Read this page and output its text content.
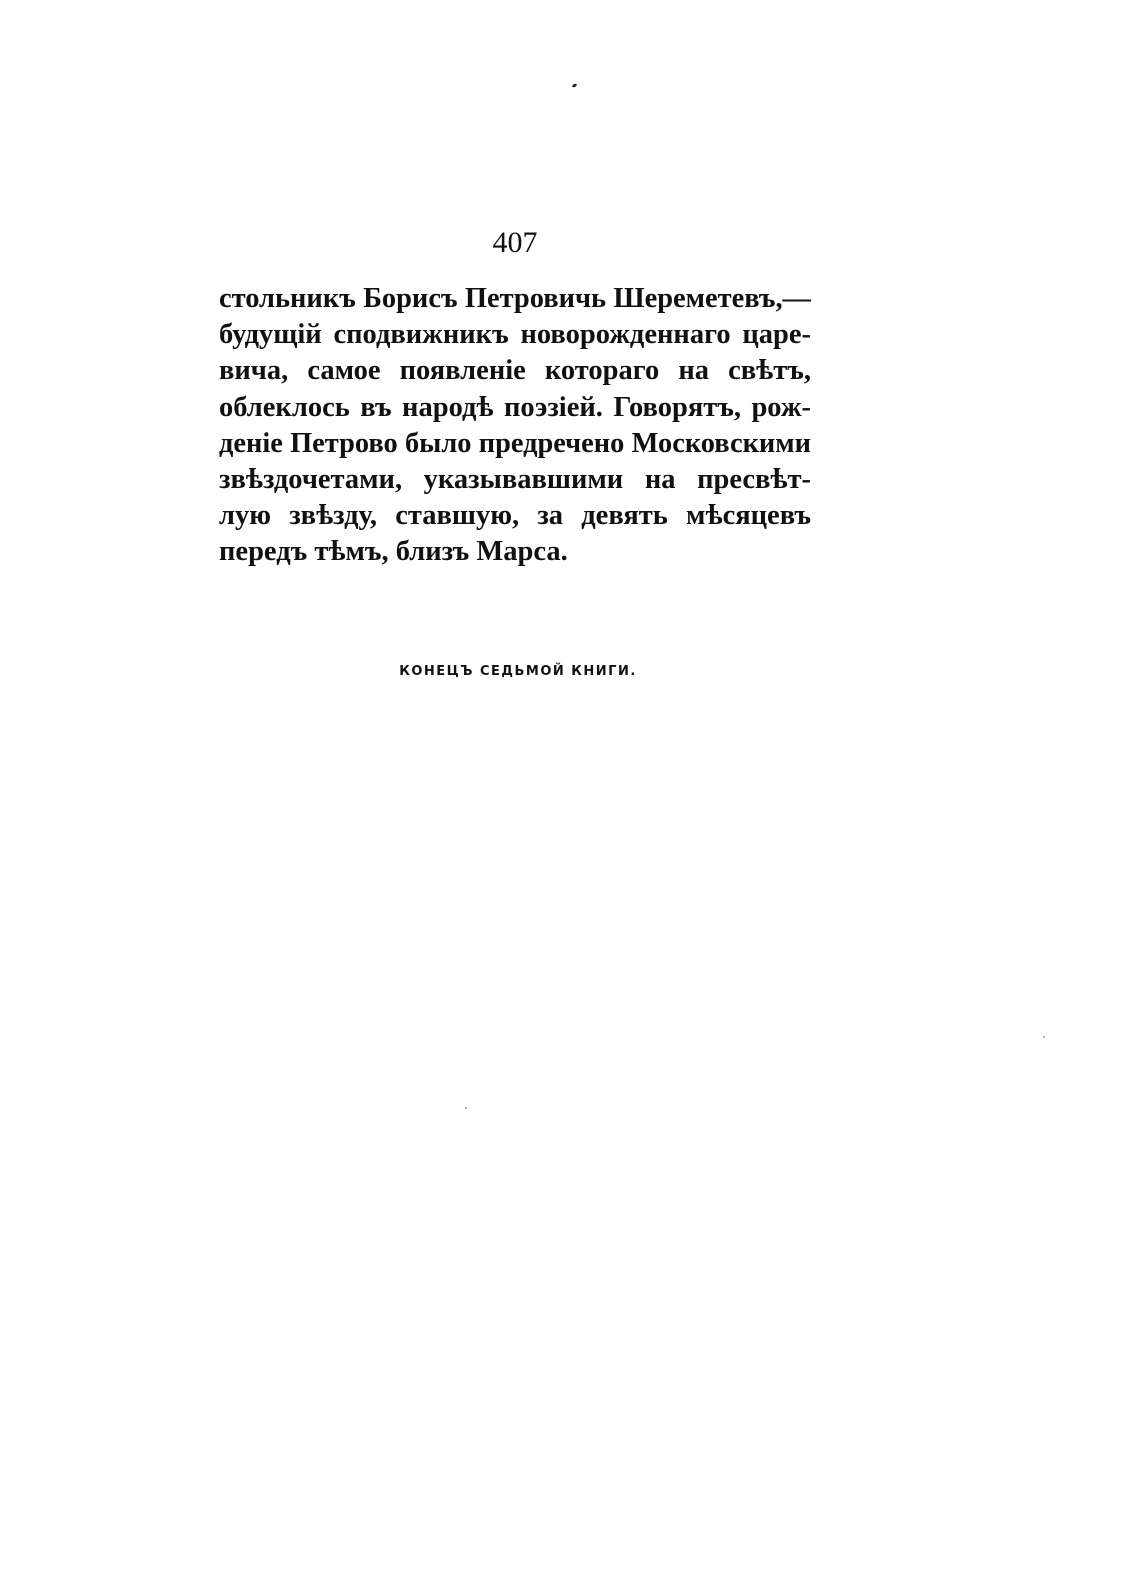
407
стольникъ Борисъ Петровичь Шереметевъ,—
будущій сподвижникъ новорожденнаго царе-
вича, самое появленіе котораго на свѣтъ,
облеклось въ народѣ поэзіей. Говорятъ, рож-
деніе Петрово было предречено Московскими
звѣздочетами, указывавшими на пресвѣт-
лую звѣзду, ставшую, за девять мѣсяцевъ
передъ тѣмъ, близъ Марса.
КОНЕЦЪ СЕДЬМОЙ КНИГИ.
